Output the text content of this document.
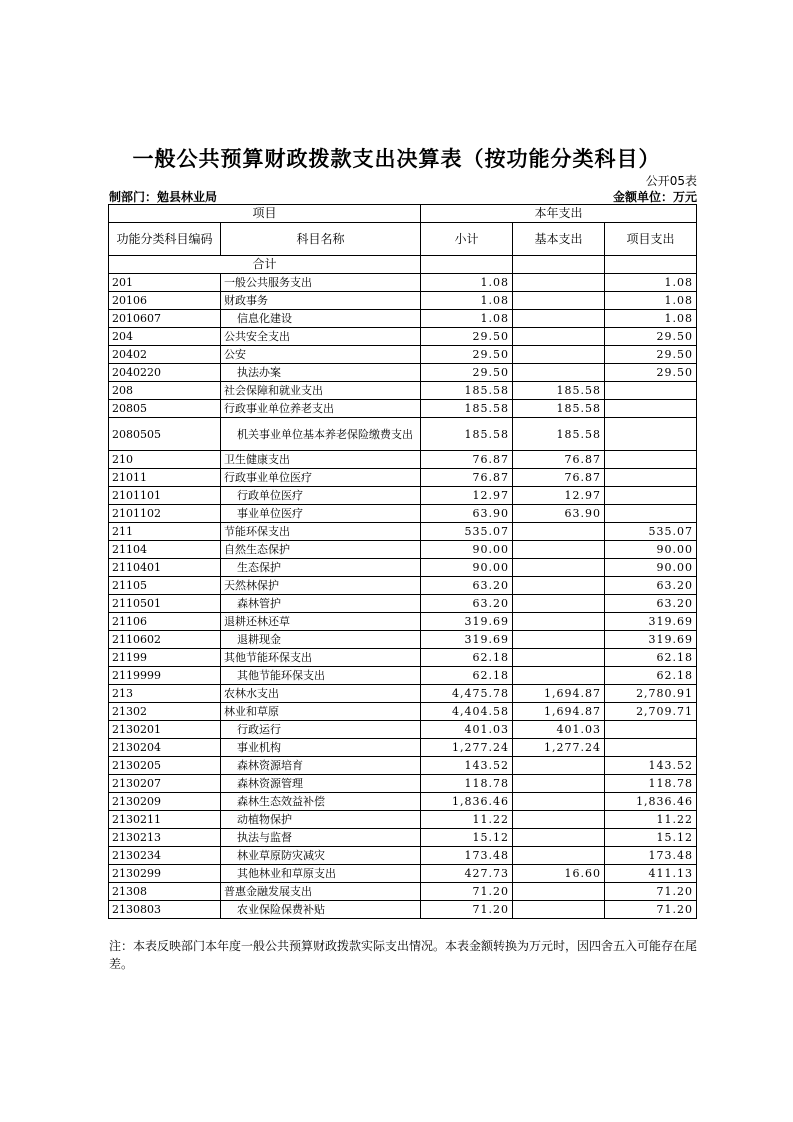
一般公共预算财政拨款支出决算表（按功能分类科目）
公开05表
制部门：勉县林业局	金额单位：万元
项目		本年支出		
功能分类科目编码	科目名称	小计	基本支出	项目支出
合计				
201	一般公共服务支出	1.08		1.08
20106	财政事务	1.08		1.08
2010607	信息化建设	1.08		1.08
204	公共安全支出	29.50		29.50
20402	公安	29.50		29.50
2040220	执法办案	29.50		29.50
208	社会保障和就业支出	185.58	185.58	
20805	行政事业单位养老支出	185.58	185.58	
2080505	机关事业单位基本养老保险缴费支出	185.58	185.58	
210	卫生健康支出	76.87	76.87	
21011	行政事业单位医疗	76.87	76.87	
2101101	行政单位医疗	12.97	12.97	
2101102	事业单位医疗	63.90	63.90	
211	节能环保支出	535.07		535.07
21104	自然生态保护	90.00		90.00
2110401	生态保护	90.00		90.00
21105	天然林保护	63.20		63.20
2110501	森林管护	63.20		63.20
21106	退耕还林还草	319.69		319.69
2110602	退耕现金	319.69		319.69
21199	其他节能环保支出	62.18		62.18
2119999	其他节能环保支出	62.18		62.18
213	农林水支出	4,475.78	1,694.87	2,780.91
21302	林业和草原	4,404.58	1,694.87	2,709.71
2130201	行政运行	401.03	401.03	
2130204	事业机构	1,277.24	1,277.24	
2130205	森林资源培育	143.52		143.52
2130207	森林资源管理	118.78		118.78
2130209	森林生态效益补偿	1,836.46		1,836.46
2130211	动植物保护	11.22		11.22
2130213	执法与监督	15.12		15.12
2130234	林业草原防灾减灾	173.48		173.48
2130299	其他林业和草原支出	427.73	16.60	411.13
21308	普惠金融发展支出	71.20		71.20
2130803	农业保险保费补贴	71.20		71.20
注：本表反映部门本年度一般公共预算财政拨款实际支出情况。本表金额转换为万元时，因四舍五入可能存在尾差。
